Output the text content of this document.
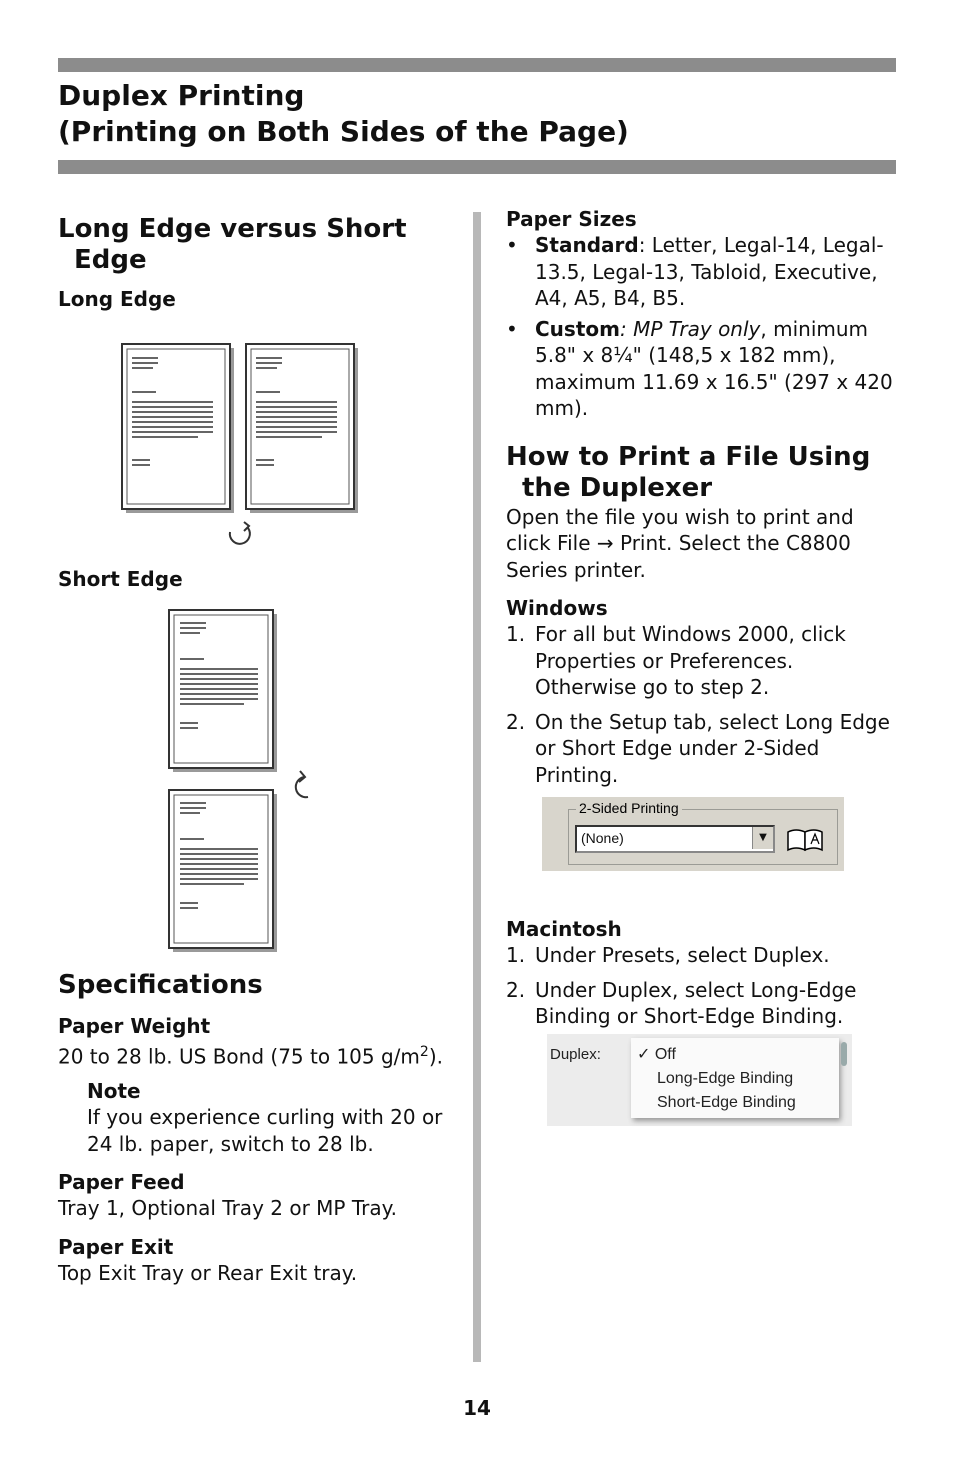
Duplex Printing
(Printing on Both Sides of the Page)
Long Edge versus Short Edge

Long Edge

Short Edge

Specifications

Paper Weight

20 to 28 lb. US Bond (75 to 105 $g/m^2$).

Note

If you experience curling with 20 or 24 lb. paper, switch to 28 lb.

Paper Feed

Tray 1, Optional Tray 2 or MP Tray.

Paper Exit

Top Exit Tray or Rear Exit tray.

Paper Sizes

• Standard: Letter, Legal-14, Legal-13.5, Legal-13, Tabloid, Executive, A4, A5, B4, B5.
• Custom: MP Tray only, minimum 5.8" x 8¼" (148,5 x 182 mm), maximum 11.69 x 16.5" (297 x 420 mm).
How to Print a File Using the Duplexer

Open the file you wish to print and click File → Print. Select the C8800 Series printer.

Windows

1. For all but Windows 2000, click Properties or Preferences. Otherwise go to step 2.
2. On the Setup tab, select Long Edge or Short Edge under 2-Sided Printing.

Macintosh

1. Under Presets, select Duplex.
2. Under Duplex, select Long-Edge Binding or Short-Edge Binding.
2-Sided Printing
(None)	▼
Duplex: ✓ Off
Long-Edge Binding
Short-Edge Binding
14
